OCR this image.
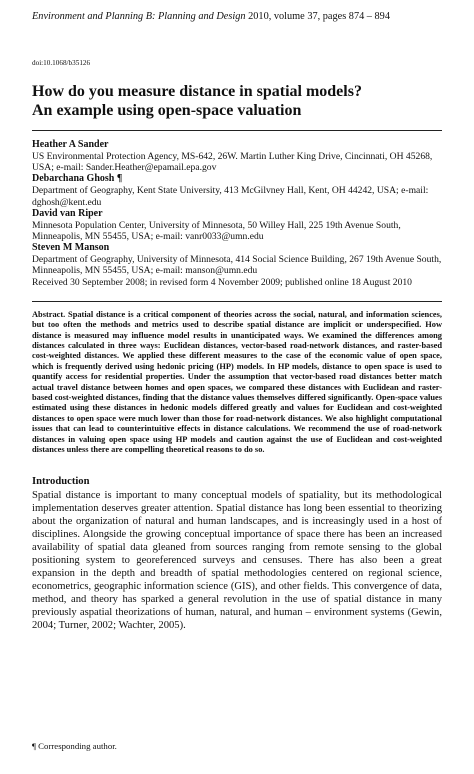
Environment and Planning B: Planning and Design 2010, volume 37, pages 874 – 894
doi:10.1068/b35126
How do you measure distance in spatial models?
An example using open-space valuation
Heather A Sander
US Environmental Protection Agency, MS-642, 26W. Martin Luther King Drive, Cincinnati, OH 45268, USA; e-mail: Sander.Heather@epamail.epa.gov
Debarchana Ghosh ¶
Department of Geography, Kent State University, 413 McGilvney Hall, Kent, OH 44242, USA; e-mail: dghosh@kent.edu
David van Riper
Minnesota Population Center, University of Minnesota, 50 Willey Hall, 225 19th Avenue South, Minneapolis, MN 55455, USA; e-mail: vanr0033@umn.edu
Steven M Manson
Department of Geography, University of Minnesota, 414 Social Science Building, 267 19th Avenue South, Minneapolis, MN 55455, USA; e-mail: manson@umn.edu
Received 30 September 2008; in revised form 4 November 2009; published online 18 August 2010
Abstract. Spatial distance is a critical component of theories across the social, natural, and information sciences, but too often the methods and metrics used to describe spatial distance are implicit or underspecified. How distance is measured may influence model results in unanticipated ways. We examined the differences among distances calculated in three ways: Euclidean distances, vector-based road-network distances, and raster-based cost-weighted distances. We applied these different measures to the case of the economic value of open space, which is frequently derived using hedonic pricing (HP) models. In HP models, distance to open space is used to quantify access for residential properties. Under the assumption that vector-based road distances better match actual travel distance between homes and open spaces, we compared these distances with Euclidean and raster-based cost-weighted distances, finding that the distance values themselves differed significantly. Open-space values estimated using these distances in hedonic models differed greatly and values for Euclidean and cost-weighted distances to open space were much lower than those for road-network distances. We also highlight computational issues that can lead to counterintuitive effects in distance calculations. We recommend the use of road-network distances in valuing open space using HP models and caution against the use of Euclidean and cost-weighted distances unless there are compelling theoretical reasons to do so.
Introduction
Spatial distance is important to many conceptual models of spatiality, but its methodological implementation deserves greater attention. Spatial distance has long been essential to theorizing about the organization of natural and human landscapes, and is increasingly used in a host of disciplines. Alongside the growing conceptual importance of space there has been an increased availability of spatial data gleaned from sources ranging from remote sensing to the global positioning system to georeferenced surveys and censuses. There has also been a great expansion in the depth and breadth of spatial methodologies centered on regional science, econometrics, geographic information science (GIS), and other fields. This convergence of data, method, and theory has sparked a general revolution in the use of spatial distance in many previously aspatial theorizations of human, natural, and human – environment systems (Gewin, 2004; Turner, 2002; Wachter, 2005).
¶ Corresponding author.
